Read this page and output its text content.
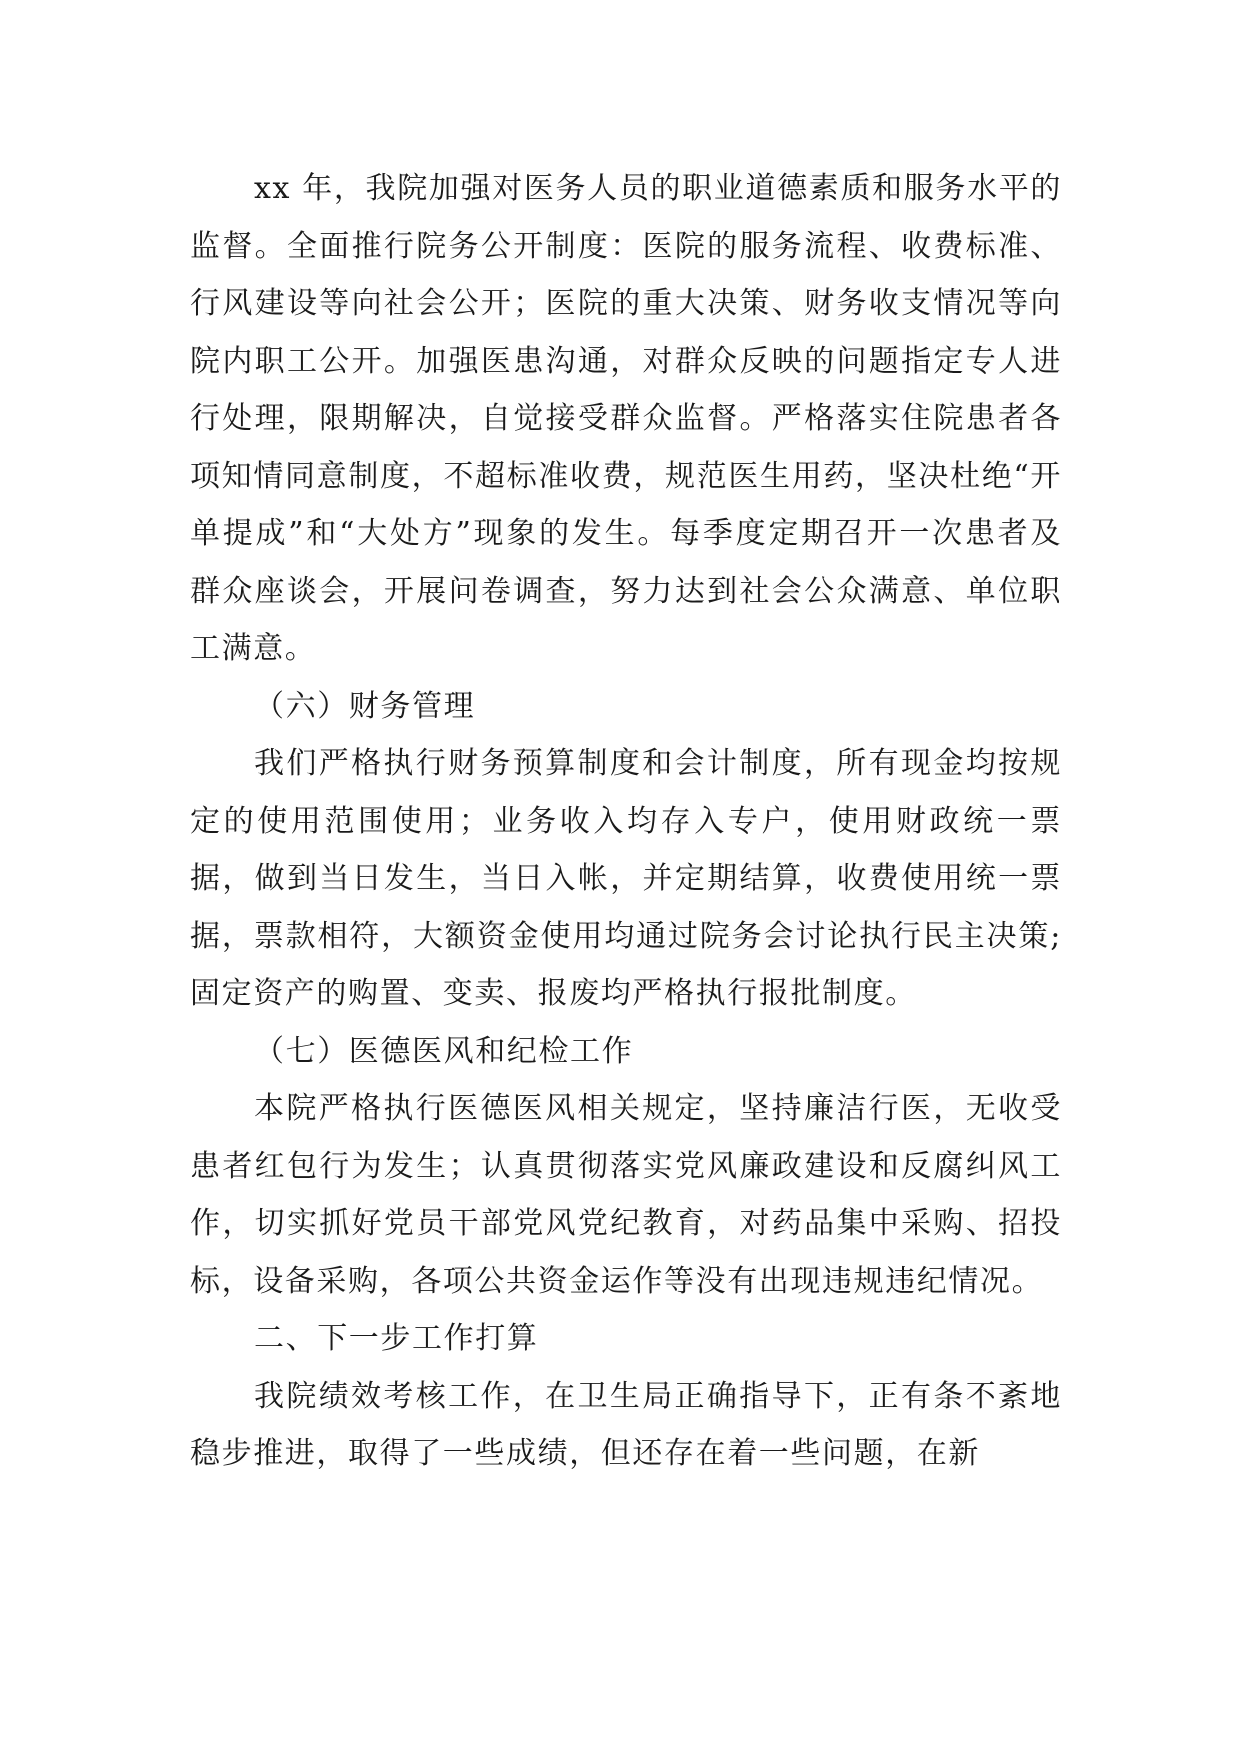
xx 年，我院加强对医务人员的职业道德素质和服务水平的监督。全面推行院务公开制度：医院的服务流程、收费标准、行风建设等向社会公开；医院的重大决策、财务收支情况等向院内职工公开。加强医患沟通，对群众反映的问题指定专人进行处理，限期解决，自觉接受群众监督。严格落实住院患者各项知情同意制度，不超标准收费，规范医生用药，坚决杜绝“开单提成”和“大处方”现象的发生。每季度定期召开一次患者及群众座谈会，开展问卷调查，努力达到社会公众满意、单位职工满意。

（六）财务管理

我们严格执行财务预算制度和会计制度，所有现金均按规定的使用范围使用；业务收入均存入专户，使用财政统一票据，做到当日发生，当日入帐，并定期结算，收费使用统一票据，票款相符，大额资金使用均通过院务会讨论执行民主决策;固定资产的购置、变卖、报废均严格执行报批制度。

（七）医德医风和纪检工作

本院严格执行医德医风相关规定，坚持廉洁行医，无收受患者红包行为发生；认真贯彻落实党风廉政建设和反腐纠风工作，切实抓好党员干部党风党纪教育，对药品集中采购、招投标，设备采购，各项公共资金运作等没有出现违规违纪情况。

二、下一步工作打算

我院绩效考核工作，在卫生局正确指导下，正有条不紊地稳步推进，取得了一些成绩，但还存在着一些问题，在新
